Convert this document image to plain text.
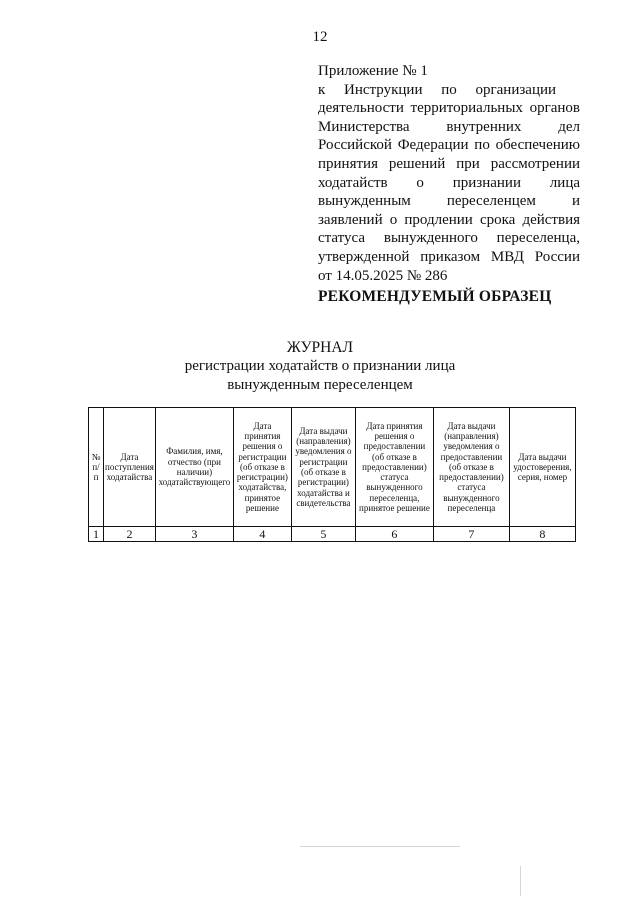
12
Приложение № 1
к     Инструкции     по     организации
деятельности территориальных органов
Министерства внутренних дел
Российской Федерации по обеспечению
принятия решений при рассмотрении
ходатайств о признании лица
вынужденным переселенцем и
заявлений о продлении срока действия
статуса вынужденного переселенца,
утвержденной приказом МВД России
от 14.05.2025 № 286
РЕКОМЕНДУЕМЫЙ ОБРАЗЕЦ
ЖУРНАЛ
регистрации ходатайств о признании лица
вынужденным переселенцем
№ п/п	Дата поступления ходатайства	Фамилия, имя, отчество (при наличии) ходатайствующего	Дата принятия решения о регистрации (об отказе в регистрации) ходатайства, принятое решение	Дата выдачи (направления) уведомления о регистрации (об отказе в регистрации) ходатайства и свидетельства	Дата принятия решения о предоставлении (об отказе в предоставлении) статуса вынужденного переселенца, принятое решение	Дата выдачи (направления) уведомления о предоставлении (об отказе в предоставлении) статуса вынужденного переселенца	Дата выдачи удостоверения, серия, номер
1	2	3	4	5	6	7	8
